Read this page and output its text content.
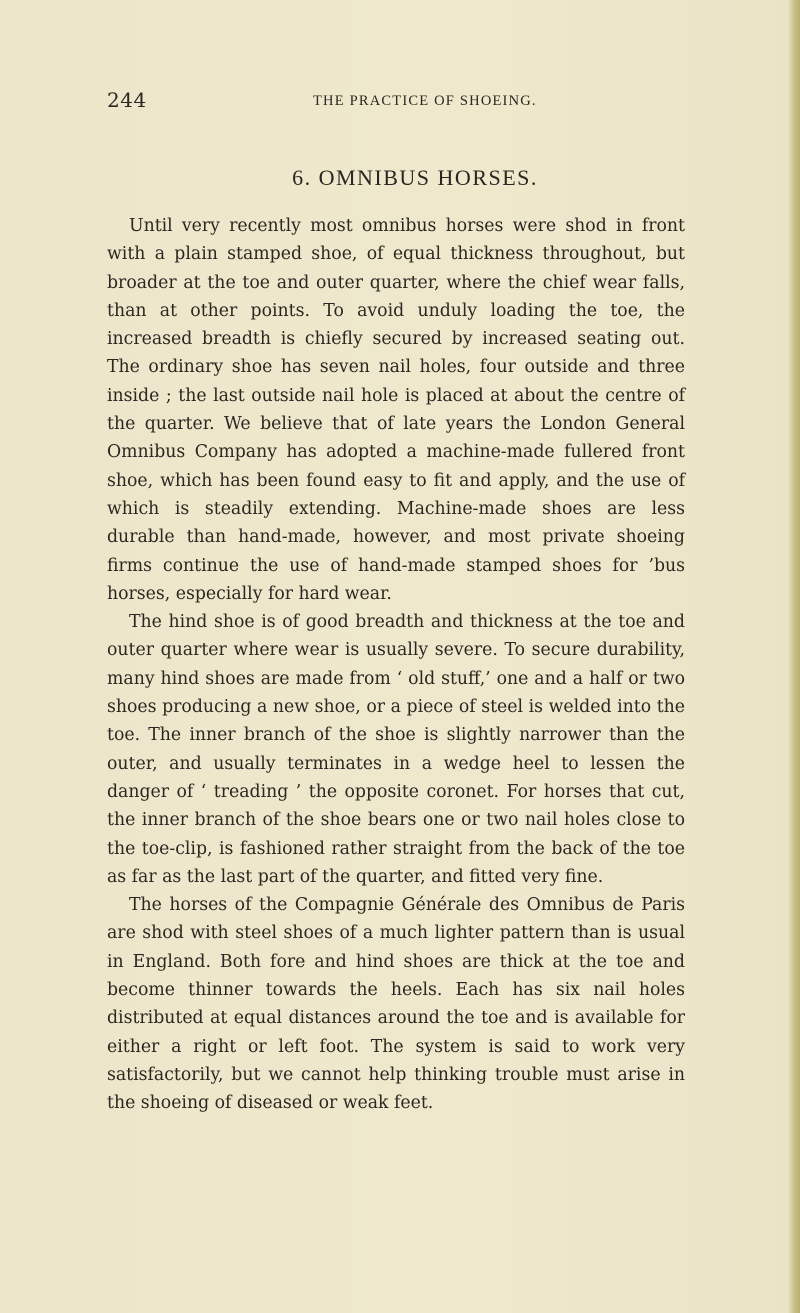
244	THE PRACTICE OF SHOEING.
6. OMNIBUS HORSES.

Until very recently most omnibus horses were shod in front with a plain stamped shoe, of equal thickness throughout, but broader at the toe and outer quarter, where the chief wear falls, than at other points. To avoid unduly loading the toe, the increased breadth is chiefly secured by increased seating out. The ordinary shoe has seven nail holes, four outside and three inside ; the last outside nail hole is placed at about the centre of the quarter. We believe that of late years the London General Omnibus Company has adopted a machine-made fullered front shoe, which has been found easy to fit and apply, and the use of which is steadily extending. Machine-made shoes are less durable than hand-made, however, and most private shoeing firms continue the use of hand-made stamped shoes for ’bus horses, especially for hard wear.

The hind shoe is of good breadth and thickness at the toe and outer quarter where wear is usually severe. To secure durability, many hind shoes are made from ‘ old stuff,’ one and a half or two shoes producing a new shoe, or a piece of steel is welded into the toe. The inner branch of the shoe is slightly narrower than the outer, and usually terminates in a wedge heel to lessen the danger of ‘ treading ’ the opposite coronet. For horses that cut, the inner branch of the shoe bears one or two nail holes close to the toe-clip, is fashioned rather straight from the back of the toe as far as the last part of the quarter, and fitted very fine.

The horses of the Compagnie Générale des Omnibus de Paris are shod with steel shoes of a much lighter pattern than is usual in England. Both fore and hind shoes are thick at the toe and become thinner towards the heels. Each has six nail holes distributed at equal distances around the toe and is available for either a right or left foot. The system is said to work very satisfactorily, but we cannot help thinking trouble must arise in the shoeing of diseased or weak feet.
